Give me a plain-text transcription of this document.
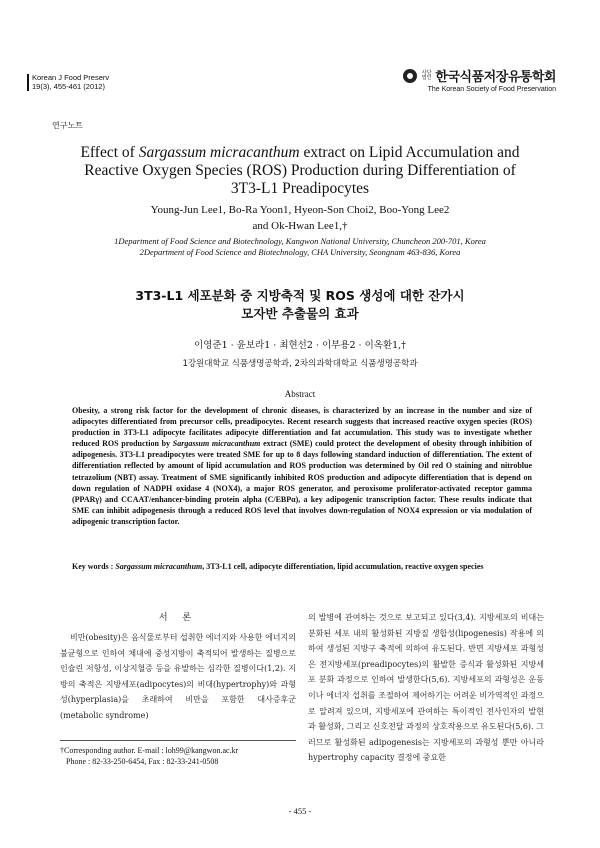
Korean J Food Preserv
19(3), 455-461 (2012)
사단 법인 한국식품저장유통학회
The Korean Society of Food Preservation
연구노트
Effect of Sargassum micracanthum extract on Lipid Accumulation and
Reactive Oxygen Species (ROS) Production during Differentiation of
3T3-L1 Preadipocytes
Young-Jun Lee1, Bo-Ra Yoon1, Hyeon-Son Choi2, Boo-Yong Lee2
and Ok-Hwan Lee1,†
1Department of Food Science and Biotechnology, Kangwon National University, Chuncheon 200-701, Korea
2Department of Food Science and Biotechnology, CHA University, Seongnam 463-836, Korea
3T3-L1 세포분화 중 지방축적 및 ROS 생성에 대한 잔가시
모자반 추출물의 효과
이영준1 · 윤보라1 · 최현선2 · 이부용2 · 이옥환1,†
1강원대학교 식품생명공학과, 2차의과학대학교 식품생명공학과
Abstract
Obesity, a strong risk factor for the development of chronic diseases, is characterized by an increase in the number and size of adipocytes differentiated from precursor cells, preadipocytes. Recent research suggests that increased reactive oxygen species (ROS) production in 3T3-L1 adipocyte facilitates adipocyte differentiation and fat accumulation. This study was to investigate whether reduced ROS production by Sargassum micracanthum extract (SME) could protect the development of obesity through inhibition of adipogenesis. 3T3-L1 preadipocytes were treated SME for up to 8 days following standard induction of differentiation. The extent of differentiation reflected by amount of lipid accumulation and ROS production was determined by Oil red O staining and nitroblue tetrazolium (NBT) assay. Treatment of SME significantly inhibited ROS production and adipocyte differentiation that is depend on down regulation of NADPH oxidase 4 (NOX4), a major ROS generator, and peroxisome proliferator-activated receptor gamma (PPARγ) and CCAAT/enhancer-binding protein alpha (C/EBPα), a key adipogenic transcription factor. These results indicate that SME can inhibit adipogenesis through a reduced ROS level that involves down-regulation of NOX4 expression or via modulation of adipogenic transcription factor.
Key words : Sargassum micracanthum, 3T3-L1 cell, adipocyte differentiation, lipid accumulation, reactive oxygen species
서 론
비만(obesity)은 음식물로부터 섭취한 에너지와 사용한 에너지의 불균형으로 인하여 체내에 중성지방이 축적되어 발생하는 질병으로 인슐린 저항성, 이상지혈증 등을 유발하는 심각한 질병이다(1,2). 지방의 축적은 지방세포(adipocytes)의 비대(hypertrophy)와 과형성(hyperplasia)을 초래하여 비만을 포함한 대사증후군(metabolic syndrome)
의 발병에 관여하는 것으로 보고되고 있다(3,4). 지방세포의 비대는 분화된 세포 내의 활성화된 지방질 생합성(lipogenesis) 작용에 의하여 생성된 지방구 축적에 의하여 유도된다. 반면 지방세포 과형성은 전지방세포(preadipocytes)의 활발한 증식과 활성화된 지방세포 분화 과정으로 인하여 발생한다(5,6). 지방세포의 과형성은 운동이나 에너지 섭취를 조절하여 제어하기는 어려운 비가역적인 과정으로 알려져 있으며, 지방세포에 관여하는 특이적인 전사인자의 발현과 활성화, 그리고 신호전달 과정의 상호작용으로 유도된다(5,6). 그러므로 활성화된 adipogenesis는 지방세포의 과형성 뿐만 아니라 hypertrophy capacity 결정에 중요한
†Corresponding author. E-mail : loh99@kangwon.ac.kr
Phone : 82-33-250-6454, Fax : 82-33-241-0508
- 455 -
